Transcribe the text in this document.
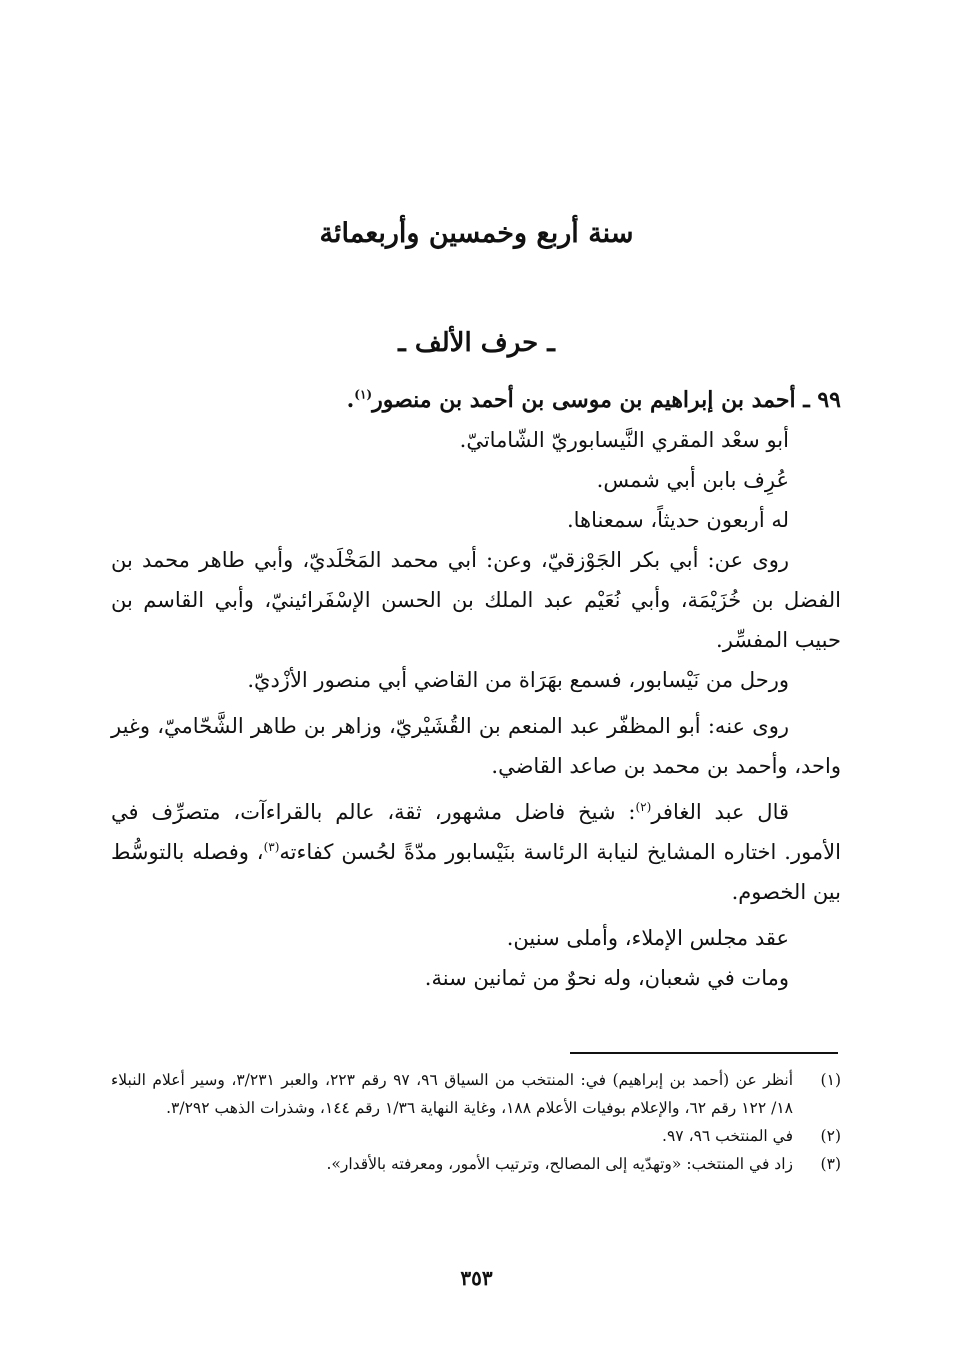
سنة أربع وخمسين وأربعمائة
ـ حرف الألف ـ

٩٩ ـ أحمد بن إبراهيم بن موسى بن أحمد بن منصور$^{(١)}$.

أبو سعْد المقري النَّيسابوريّ الشّاماتيّ.

عُرِف بابن أبي شمس.

له أربعون حديثاً، سمعناها.

روى عن: أبي بكر الجَوْزقيّ، وعن: أبي محمد المَخْلَديّ، وأبي طاهر محمد بن الفضل بن خُزَيْمَة، وأبي نُعَيْم عبد الملك بن الحسن الإسْفَرائينيّ، وأبي القاسم بن حبيب المفسِّر.

ورحل من نَيْسابور، فسمع بهَرَاة من القاضي أبي منصور الأزْديّ.

روى عنه: أبو المظفّر عبد المنعم بن القُشَيْريّ، وزاهر بن طاهر الشَّحّاميّ، وغير واحد، وأحمد بن محمد بن صاعد القاضي.

قال عبد الغافر$^{(٢)}$: شيخ فاضل مشهور، ثقة، عالم بالقراءآت، متصرِّف في الأمور. اختاره المشايخ لنيابة الرئاسة بنَيْسابور مدّةً لحُسن كفاءته$^{(٣)}$، وفصله بالتوسُّط بين الخصوم.

عقد مجلس الإملاء، وأملى سنين.

ومات في شعبان، وله نحوٌ من ثمانين سنة.

(١)
أنظر عن (أحمد بن إبراهيم) في: المنتخب من السياق ٩٦، ٩٧ رقم ٢٢٣، والعبر ٣/٢٣١، وسير أعلام النبلاء ١٨/ ١٢٢ رقم ٦٢، والإعلام بوفيات الأعلام ١٨٨، وغاية النهاية ١/٣٦ رقم ١٤٤، وشذرات الذهب ٣/٢٩٢.
(٢)
في المنتخب ٩٦، ٩٧.
(٣)
زاد في المنتخب: «وتهدّيه إلى المصالح، وترتيب الأمور، ومعرفته بالأقدار».
٣٥٣
